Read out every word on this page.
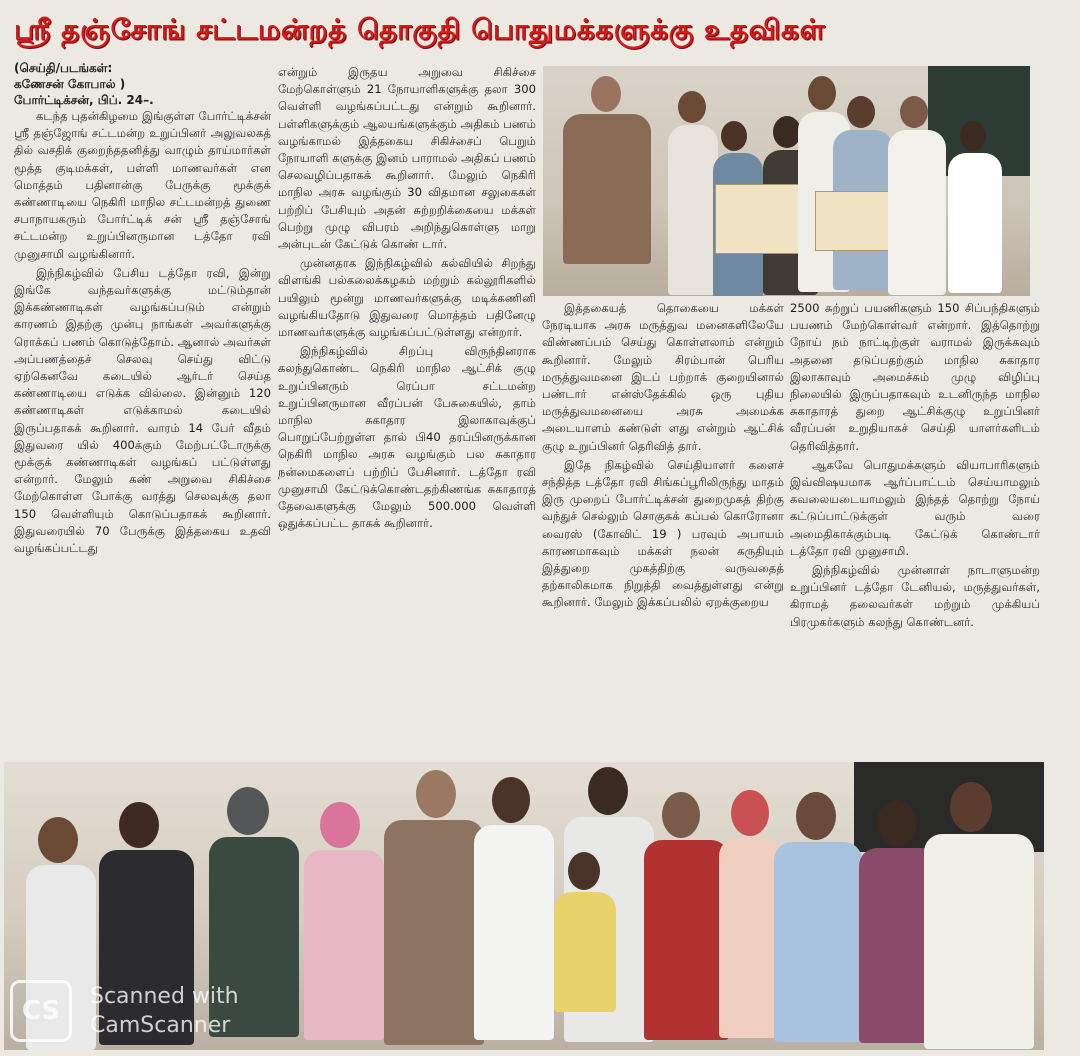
ஸ்ரீ தஞ்சோங் சட்டமன்றத் தொகுதி பொதுமக்களுக்கு உதவிகள்
(செய்தி/படங்கள்:
கணேசன் கோபால் )
போர்ட்டிக்சன், பிப். 24–.

கடந்த புதன்கிழமை இங்குள்ள போர்ட்டிக்சன் ஸ்ரீ தஞ்ஜோங் சட்டமன்ற உறுப்பினர் அலுவலகத் தில் வசதிக் குறைந்ததனித்து வாழும் தாய்மார்கள் மூத்த குடிமக்கள், பள்ளி மாணவர்கள் என மொத்தம் பதினான்கு பேருக்கு மூக்குக் கண்ணாடியை நெகிரி மாநில சட்டமன்றத் துணை சபாநாயகரும் போர்ட்டிக் சன் ஸ்ரீ தஞ்சோங் சட்டமன்ற உறுப்பினருமான டத்தோ ரவி முனுசாமி வழங்கினார்.

இந்நிகழ்வில் பேசிய டத்தோ ரவி, இன்று இங்கே வந்தவர்களுக்கு மட்டும்தான் இக்கண்ணாடிகள் வழங்கப்படும் என்றும் காரணம் இதற்கு முன்பு நாங்கள் அவர்களுக்கு ரொக்கப் பணம் கொடுத்தோம். ஆனால் அவர்கள் அப்பணத்தைச் செலவு செய்து விட்டு ஏற்கெனவே கடையில் ஆர்டர் செய்த கண்ணாடியை எடுக்க வில்லை. இன்னும் 120 கண்ணாடிகள் எடுக்காமல் கடையில் இருப்பதாகக் கூறினார். வாரம் 14 பேர் வீதம் இதுவரை யில் 400க்கும் மேற்பட்டோருக்கு மூக்குக் கண்ணாடிகள் வழங்கப் பட்டுள்ளது என்றார். மேலும் கண் அறுவை சிகிச்சை மேற்கொள்ள போக்கு வரத்து செலவுக்கு தலா 150 வெள்ளியும் கொடுப்பதாகக் கூறினார். இதுவரையில் 70 பேருக்கு இத்தகைய உதவி வழங்கப்பட்டது

என்றும் இருதய அறுவை சிகிச்சை மேற்கொள்ளும் 21 நோயாளிகளுக்கு தலா 300 வெள்ளி வழங்கப்பட்டது என்றும் கூறினார். பள்ளிகளுக்கும் ஆலயங்களுக்கும் அதிகம் பணம் வழங்காமல் இத்தகைய சிகிச்சைப் பெறும் நோயாளி களுக்கு இனம் பாராமல் அதிகப் பணம் செலவழிப்பதாகக் கூறினார். மேலும் நெகிரி மாநில அரசு வழங்கும் 30 விதமான சலுகைகள் பற்றிப் பேசியும் அதன் சுற்றறிக்கையை மக்கள் பெற்று முழு விபரம் அறிந்துகொள்ளு மாறு அன்புடன் கேட்டுக் கொண் டார்.

முன்னதாக இந்நிகழ்வில் கல்வியில் சிறந்து விளங்கி பல்கலைக்கழகம் மற்றும் கல்லூரிகளில் பயிலும் மூன்று மாணவர்களுக்கு மடிக்கணினி வழங்கியதோடு இதுவரை மொத்தம் பதினேழு மாணவர்களுக்கு வழங்கப்பட்டுள்ளது என்றார்.

இந்நிகழ்வில் சிறப்பு விருந்தினராக கலந்துகொண்ட நெகிரி மாநில ஆட்சிக் குழு உறுப்பினரும் ரெப்பா சட்டமன்ற உறுப்பினருமான வீரப்பன் பேசுகையில், தாம் மாநில சுகாதார இலாகாவுக்குப் பொறுப்பேற்றுள்ள தால் பி40 தரப்பினருக்கான நெகிரி மாநில அரசு வழங்கும் பல சுகாதார நன்மைகளைப் பற்றிப் பேசினார். டத்தோ ரவி முனுசாமி கேட்டுக்கொண்டதற்கிணங்க சுகாதாரத் தேவைகளுக்கு மேலும் 500.000 வெள்ளி ஒதுக்கப்பட்ட தாகக் கூறினார்.

இத்தகையத் தொகையை மக்கள் நேரடியாக அரசு மருத்துவ மனைகளிலேயே விண்ணப்பம் செய்து கொள்ளலாம் என்றும் கூறினார். மேலும் சிரம்பான் பெரிய மருத்துவமனை இடப் பற்றாக் குறையினால் பண்டார் என்ஸ்தேக்கில் ஒரு புதிய மருத்துவமனையை அரசு அமைக்க அடையாளம் கண்டுள் ளது என்றும் ஆட்சிக் குழு உறுப்பினர் தெரிவித் தார்.

இதே நிகழ்வில் செய்தியாளர் களைச் சந்தித்த டத்தோ ரவி சிங்கப்பூரிலிருந்து மாதம் இரு முறைப் போர்ட்டிக்சன் துறைமுகத் திற்கு வந்துச் செல்லும் சொகுசுக் கப்பல் கொரோனா வைரஸ் (கோவிட் 19 ) பரவும் அபாயம் காரணமாகவும் மக்கள் நலன் கருதியும் இத்துறை முகத்திற்கு வருவதைத் தற்காலிகமாக நிறுத்தி வைத்துள்ளது என்று கூறினார். மேலும் இக்கப்பலில் ஏறக்குறைய

2500 சுற்றுப் பயணிகளும் 150 சிப்பந்திகளும் பயணம் மேற்கொள்வர் என்றார். இத்தொற்று நோய் நம் நாட்டிற்குள் வராமல் இருக்கவும் அதனை தடுப்பதற்கும் மாநில சுகாதார இலாகாவும் அமைச்சும் முழு விழிப்பு நிலையில் இருப்பதாகவும் உடனிருந்த மாநில சுகாதாரத் துறை ஆட்சிக்குழு உறுப்பினர் வீரப்பன் உறுதியாகச் செய்தி யாளர்களிடம் தெரிவித்தார்.

ஆகவே பொதுமக்களும் வியாபாரிகளும் இவ்விஷயமாக ஆர்ப்பாட்டம் செய்யாமலும் கவலையடையாமலும் இந்தத் தொற்று நோய் கட்டுப்பாட்டுக்குள் வரும் வரை அமைதிகாக்கும்படி கேட்டுக் கொண்டார் டத்தோ ரவி முனுசாமி.

இந்நிகழ்வில் முன்னாள் நாடாளுமன்ற உறுப்பினர் டத்தோ டேனியல், மருத்துவர்கள், கிராமத் தலைவர்கள் மற்றும் முக்கியப் பிரமுகர்களும் கலந்து கொண்டனர்.

CS	Scanned with
CamScanner
